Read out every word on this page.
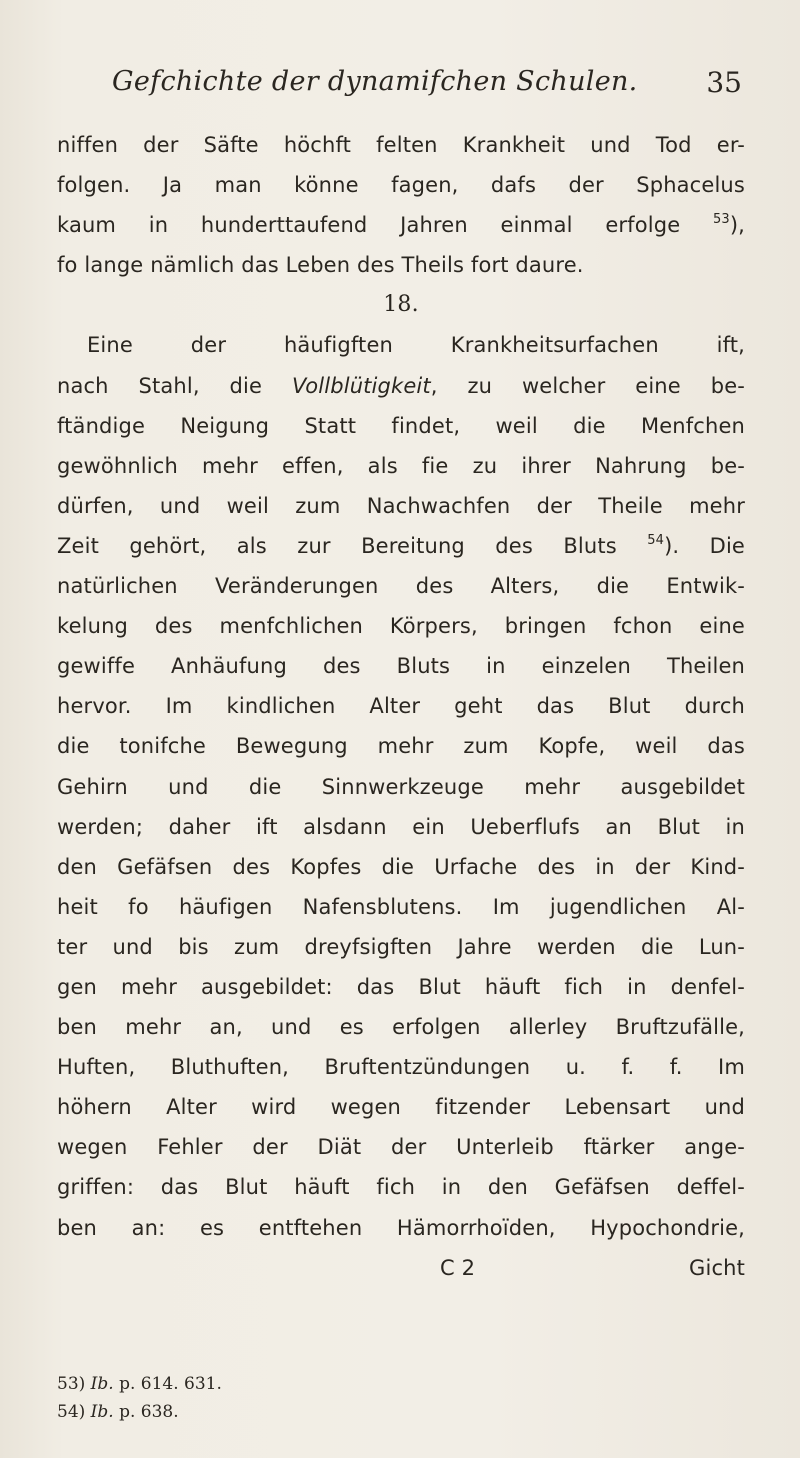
Gefchichte der dynamifchen Schulen. 35
niffen der Säfte höchft felten Krankheit und Tod er-
folgen. Ja man könne fagen, dafs der Sphacelus
kaum in hunderttaufend Jahren einmal erfolge	$^{53}$),
fo lange nämlich das Leben des Theils fort daure.
18.
Eine der häufigften Krankheitsurfachen ift,
nach Stahl, die Vollblütigkeit, zu welcher eine be-
ftändige Neigung Statt findet, weil die Menfchen
gewöhnlich mehr effen, als fie zu ihrer Nahrung be-
dürfen, und weil zum Nachwachfen der Theile mehr
Zeit gehört, als zur Bereitung des Bluts $^{54}$). Die
natürlichen Veränderungen des Alters, die Entwik-
kelung des menfchlichen Körpers, bringen fchon eine
gewiffe Anhäufung des Bluts in einzelen Theilen
hervor. Im kindlichen Alter geht das Blut durch
die tonifche Bewegung mehr zum Kopfe, weil das
Gehirn und die Sinnwerkzeuge mehr ausgebildet
werden; daher ift alsdann ein Ueberflufs an Blut in
den Gefäfsen des Kopfes die Urfache des in der Kind-
heit fo häufigen Nafensblutens. Im jugendlichen Al-
ter und bis zum dreyfsigften Jahre werden die Lun-
gen mehr ausgebildet: das Blut häuft fich in denfel-
ben mehr an, und es erfolgen allerley Bruftzufälle,
Huften, Bluthuften, Bruftentzündungen u. f. f. Im
höhern Alter wird wegen fitzender Lebensart und
wegen Fehler der Diät der Unterleib ftärker ange-
griffen: das Blut häuft fich in den Gefäfsen deffel-
ben an: es entftehen Hämorrhoïden, Hypochondrie,
C 2	Gicht
53) Ib. p. 614. 631.
54) Ib. p. 638.
